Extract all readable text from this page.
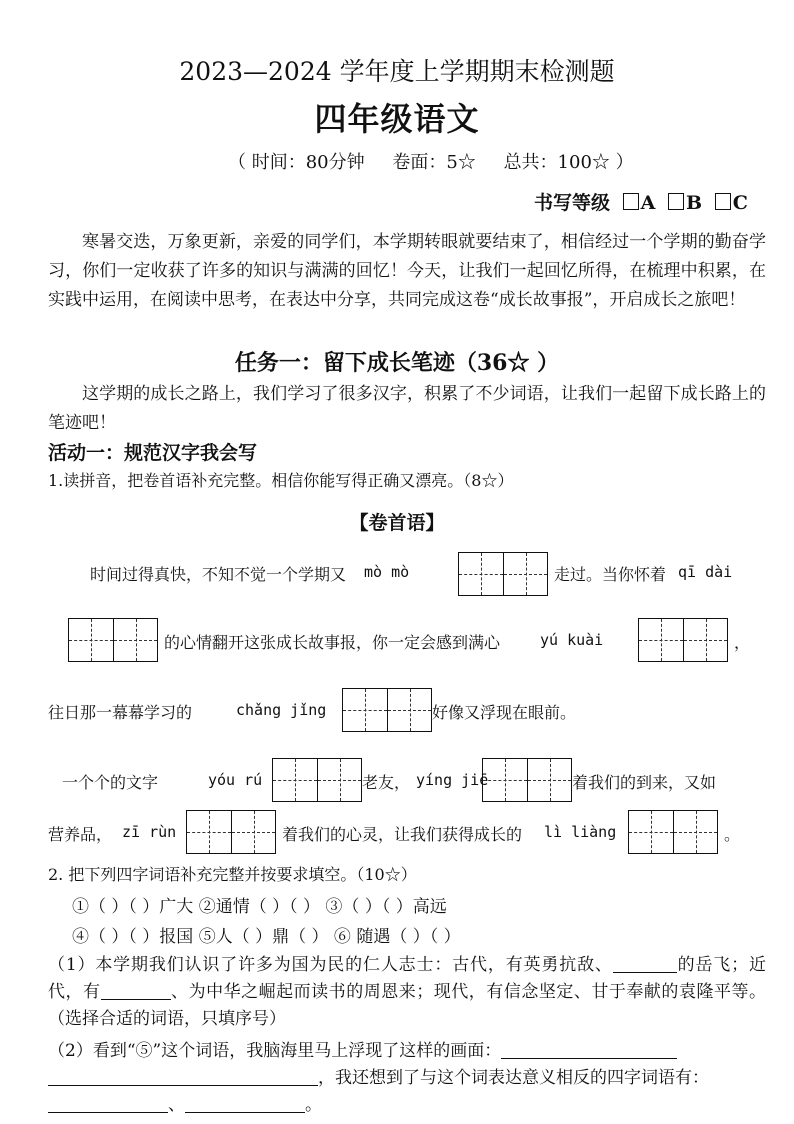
2023—2024 学年度上学期期末检测题
四年级语文
（ 时间：80分钟 卷面：5☆ 总共：100☆ ）
书写等级 A B C
寒暑交迭，万象更新，亲爱的同学们，本学期转眼就要结束了，相信经过一个学期的勤奋学习，你们一定收获了许多的知识与满满的回忆！今天，让我们一起回忆所得，在梳理中积累，在实践中运用，在阅读中思考，在表达中分享，共同完成这卷“成长故事报”，开启成长之旅吧！
任务一：留下成长笔迹（36☆ ）
这学期的成长之路上，我们学习了很多汉字，积累了不少词语，让我们一起留下成长路上的笔迹吧！
活动一：规范汉字我会写
1.读拼音，把卷首语补充完整。相信你能写得正确又漂亮。（8☆）
【卷首语】
时间过得真快，不知不觉一个学期又 mò mò	走过。当你怀着 qī dài
的心情翻开这张成长故事报，你一定会感到满心	yú kuài	，
往日那一幕幕学习的	chǎng jǐng	好像又浮现在眼前。
一个个的文字	yóu rú	老友， yíng jiē	着我们的到来，又如
营养品， zī rùn	着我们的心灵，让我们获得成长的 lì liàng	。
2. 把下列四字词语补充完整并按要求填空。（10☆）
①（ ）（ ）广大 ②通情（ ）（ ） ③（ ）（ ）高远
④（ ）（ ）报国 ⑤人（ ）鼎（ ） ⑥ 随遇（ ）（ ）
（1）本学期我们认识了许多为国为民的仁人志士：古代，有英勇抗敌、	的岳飞；近代，有	、为中华之崛起而读书的周恩来；现代，有信念坚定、甘于奉献的袁隆平等。（选择合适的词语，只填序号）
（2）看到“⑤”这个词语，我脑海里马上浮现了这样的画面：
，我还想到了与这个词表达意义相反的四字词语有：
、	。
